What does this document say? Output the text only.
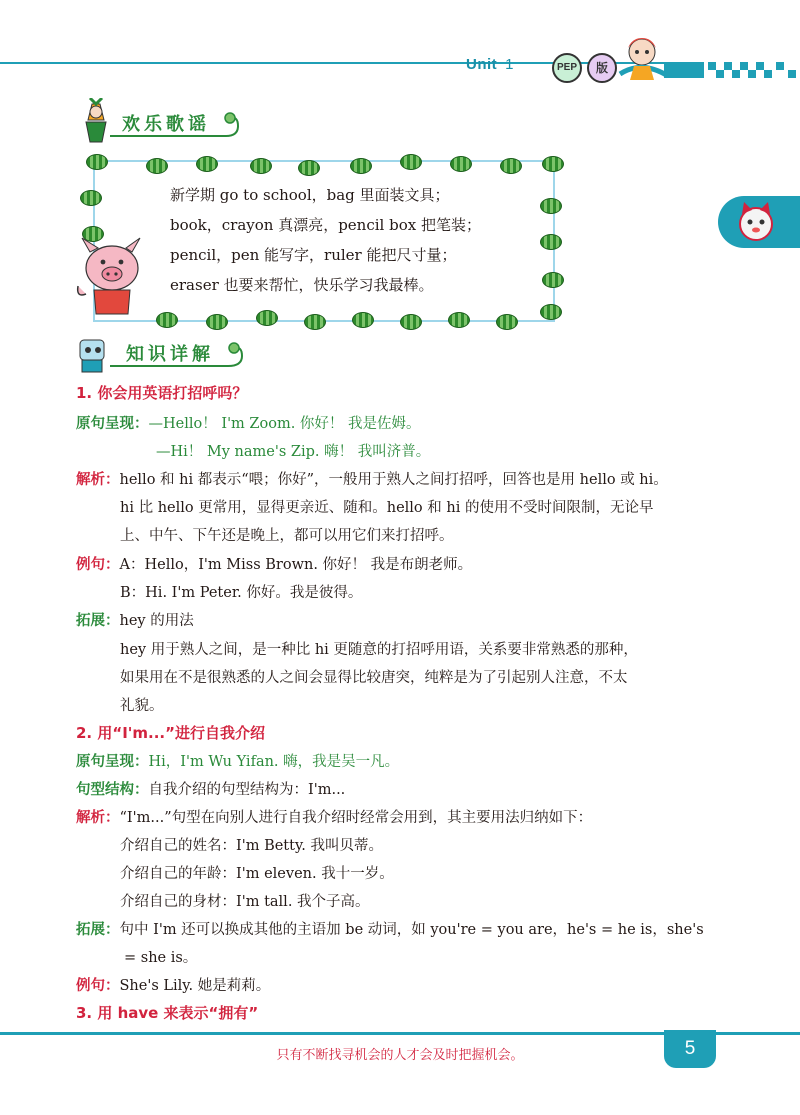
Unit 1	PEP	版
欢乐歌谣
新学期 go to school，bag 里面装文具；
book，crayon 真漂亮，pencil box 把笔装；
pencil，pen 能写字，ruler 能把尺寸量；
eraser 也要来帮忙，快乐学习我最棒。
知识详解
1. 你会用英语打招呼吗？
原句呈现：—Hello！ I'm Zoom. 你好！ 我是佐姆。
—Hi！ My name's Zip. 嗨！ 我叫济普。
解析：hello 和 hi 都表示“喂；你好”，一般用于熟人之间打招呼，回答也是用 hello 或 hi。
hi 比 hello 更常用，显得更亲近、随和。hello 和 hi 的使用不受时间限制，无论早
上、中午、下午还是晚上，都可以用它们来打招呼。
例句：A：Hello，I'm Miss Brown. 你好！ 我是布朗老师。
B：Hi. I'm Peter. 你好。我是彼得。
拓展：hey 的用法
hey 用于熟人之间，是一种比 hi 更随意的打招呼用语，关系要非常熟悉的那种，
如果用在不是很熟悉的人之间会显得比较唐突，纯粹是为了引起别人注意，不太
礼貌。
2. 用“I'm...”进行自我介绍
原句呈现：Hi，I'm Wu Yifan. 嗨，我是吴一凡。
句型结构：自我介绍的句型结构为：I'm...
解析：“I'm...”句型在向别人进行自我介绍时经常会用到，其主要用法归纳如下：
介绍自己的姓名：I'm Betty. 我叫贝蒂。
介绍自己的年龄：I'm eleven. 我十一岁。
介绍自己的身材：I'm tall. 我个子高。
拓展：句中 I'm 还可以换成其他的主语加 be 动词，如 you're = you are，he's = he is，she's
= she is。
例句：She's Lily. 她是莉莉。
3. 用 have 来表示“拥有”
只有不断找寻机会的人才会及时把握机会。	5
